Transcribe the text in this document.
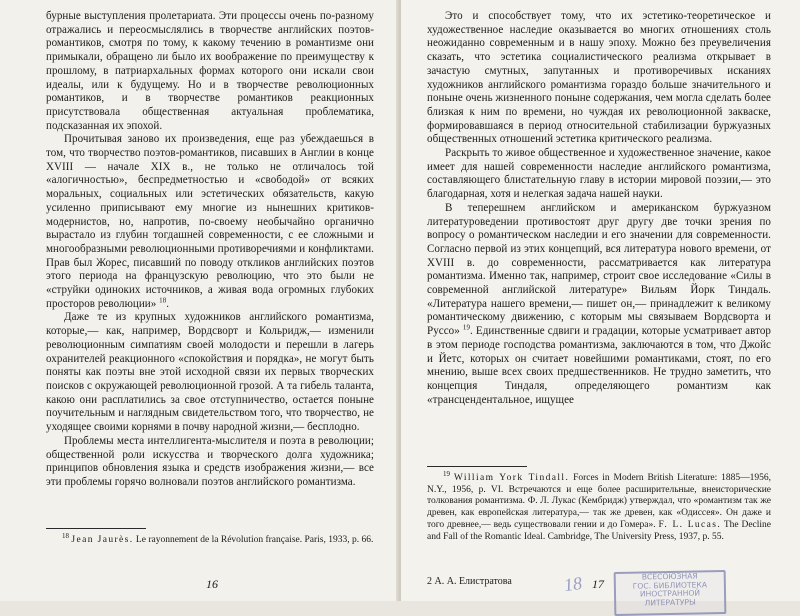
бурные выступления пролетариата. Эти процессы очень по-разному отражались и переосмыслялись в творчестве английских поэтов-романтиков, смотря по тому, к какому течению в романтизме они примыкали, обращено ли было их воображение по преимуществу к прошлому, в патриархальных формах которого они искали свои идеалы, или к будущему. Но и в творчестве революционных романтиков, и в творчестве романтиков реакционных присутствовала общественная актуальная проблематика, подсказанная их эпохой.

Прочитывая заново их произведения, еще раз убеждаешься в том, что творчество поэтов-романтиков, писавших в Англии в конце XVIII — начале XIX в., не только не отличалось той «алогичностью», беспредметностью и «свободой» от всяких моральных, социальных или эстетических обязательств, какую усиленно приписывают ему многие из нынешних критиков-модернистов, но, напротив, по-своему необычайно органично вырастало из глубин тогдашней современности, с ее сложными и многообразными революционными противоречиями и конфликтами. Прав был Жорес, писавший по поводу откликов английских поэтов этого периода на французскую революцию, что это были не «струйки одиноких источников, а живая вода огромных глубоких просторов революции» $^{18}$.

Даже те из крупных художников английского романтизма, которые,— как, например, Вордсворт и Кольридж,— изменили революционным симпатиям своей молодости и перешли в лагерь охранителей реакционного «спокойствия и порядка», не могут быть поняты как поэты вне этой исходной связи их первых творческих поисков с окружающей революционной грозой. А та гибель таланта, какою они расплатились за свое отступничество, остается поныне поучительным и наглядным свидетельством того, что творчество, не уходящее своими корнями в почву народной жизни,— бесплодно.

Проблемы места интеллигента-мыслителя и поэта в революции; общественной роли искусства и творческого долга художника; принципов обновления языка и средств изображения жизни,— все эти проблемы горячо волновали поэтов английского романтизма.

$^{18}$ Jean Jaurès. Le rayonnement de la Révolution française. Paris, 1933, p. 66.

16

Это и способствует тому, что их эстетико-теоретическое и художественное наследие оказывается во многих отношениях столь неожиданно современным и в нашу эпоху. Можно без преувеличения сказать, что эстетика социалистического реализма открывает в зачастую смутных, запутанных и противоречивых исканиях художников английского романтизма гораздо больше значительного и поныне очень жизненного поныне содержания, чем могла сделать более близкая к ним по времени, но чуждая их революционной закваске, формировавшаяся в период относительной стабилизации буржуазных общественных отношений эстетика критического реализма.

Раскрыть то живое общественное и художественное значение, какое имеет для нашей современности наследие английского романтизма, составляющего блистательную главу в истории мировой поэзии,— это благодарная, хотя и нелегкая задача нашей науки.

В теперешнем английском и американском буржуазном литературоведении противостоят друг другу две точки зрения по вопросу о романтическом наследии и его значении для современности. Согласно первой из этих концепций, вся литература нового времени, от XVIII в. до современности, рассматривается как литература романтизма. Именно так, например, строит свое исследование «Силы в современной английской литературе» Вильям Йорк Тиндаль. «Литература нашего времени,— пишет он,— принадлежит к великому романтическому движению, с которым мы связываем Вордсворта и Руссо» $^{19}$. Единственные сдвиги и градации, которые усматривает автор в этом периоде господства романтизма, заключаются в том, что Джойс и Йетс, которых он считает новейшими романтиками, стоят, по его мнению, выше всех своих предшественников. Не трудно заметить, что концепция Тиндаля, определяющего романтизм как «трансцендентальное, ищущее

$^{19}$ William York Tindall. Forces in Modern British Literature: 1885—1956, N.Y., 1956, p. VI. Встречаются и еще более расширительные, внеисторические толкования романтизма. Ф. Л. Лукас (Кембридж) утверждал, что «романтизм так же древен, как европейская литература,— так же древен, как «Одиссея». Он даже и того древнее,— ведь существовали гении и до Гомера». F. L. Lucas. The Decline and Fall of the Romantic Ideal. Cambridge, The University Press, 1937, p. 55.

2 А. А. Елистратова	17
18	ВСЕСОЮЗНАЯ
ГОС. БИБЛИОТЕКА
ИНОСТРАННОЙ ЛИТЕРАТУРЫ
